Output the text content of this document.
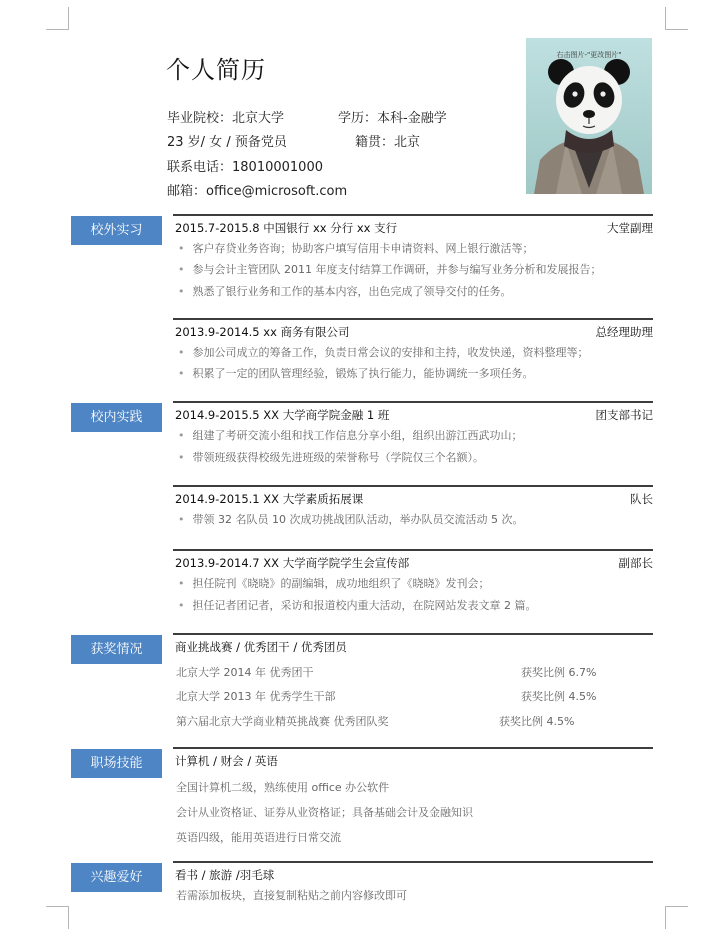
个人简历
毕业院校：北京大学	学历：本科-金融学
23 岁/ 女 / 预备党员	籍贯：北京
联系电话：18010001000
邮箱：office@microsoft.com
右击图片-"更改图片"
校外实习	2015.7-2015.8 中国银行 xx 分行 xx 支行	大堂副理
• 客户存贷业务咨询；协助客户填写信用卡申请资料、网上银行激活等；
• 参与会计主管团队 2011 年度支付结算工作调研，并参与编写业务分析和发展报告；
• 熟悉了银行业务和工作的基本内容，出色完成了领导交付的任务。
2013.9-2014.5 xx 商务有限公司	总经理助理
• 参加公司成立的筹备工作，负责日常会议的安排和主持，收发快递，资料整理等；
• 积累了一定的团队管理经验，锻炼了执行能力，能协调统一多项任务。
校内实践	2014.9-2015.5 XX 大学商学院金融 1 班	团支部书记
• 组建了考研交流小组和找工作信息分享小组，组织出游江西武功山；
• 带领班级获得校级先进班级的荣誉称号（学院仅三个名额）。
2014.9-2015.1 XX 大学素质拓展课	队长
• 带领 32 名队员 10 次成功挑战团队活动，举办队员交流活动 5 次。
2013.9-2014.7 XX 大学商学院学生会宣传部	副部长
• 担任院刊《晓晓》的副编辑，成功地组织了《晓晓》发刊会；
• 担任记者团记者，采访和报道校内重大活动，在院网站发表文章 2 篇。
获奖情况	商业挑战赛 / 优秀团干 / 优秀团员
北京大学 2014 年 优秀团干	获奖比例 6.7%
北京大学 2013 年 优秀学生干部	获奖比例 4.5%
第六届北京大学商业精英挑战赛 优秀团队奖	获奖比例 4.5%
职场技能	计算机 / 财会 / 英语
全国计算机二级，熟练使用 office 办公软件
会计从业资格证、证券从业资格证；具备基础会计及金融知识
英语四级，能用英语进行日常交流
兴趣爱好	看书 / 旅游 /羽毛球
若需添加板块，直接复制粘贴之前内容修改即可
